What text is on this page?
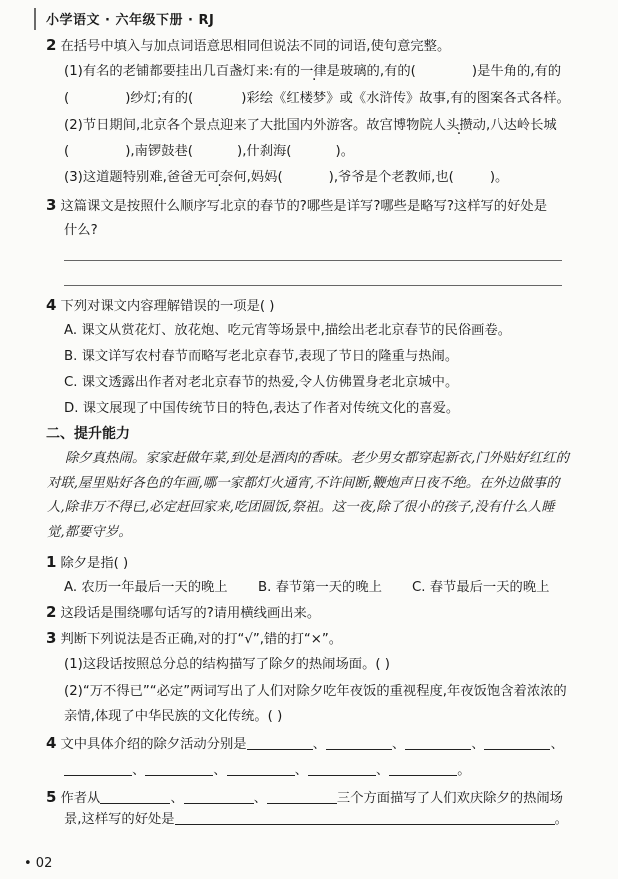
小学语文 · 六年级下册 · RJ
2 在括号中填入与加点词语意思相同但说法不同的词语,使句意完整。
(1)有名的老铺都要挂出几百盏灯来:有的一律 .是玻璃的,有的(	)是牛角的,有的
(	)纱灯;有的(	)彩绘《红楼梦》或《水浒传》故事,有的图案各式各样。
(2)节日期间,北京各个景点迎来了大批国内外游客。故宫博物院人头攒动 .,八达岭长城
(	),南锣鼓巷(	),什刹海(	)。
(3)这道题特别难,爸爸无可奈何 .,妈妈(	),爷爷是个老教师,也(	)。
3 这篇课文是按照什么顺序写北京的春节的?哪些是详写?哪些是略写?这样写的好处是
什么?
4 下列对课文内容理解错误的一项是( )
A. 课文从赏花灯、放花炮、吃元宵等场景中,描绘出老北京春节的民俗画卷。
B. 课文详写农村春节而略写老北京春节,表现了节日的隆重与热闹。
C. 课文透露出作者对老北京春节的热爱,令人仿佛置身老北京城中。
D. 课文展现了中国传统节日的特色,表达了作者对传统文化的喜爱。
二、提升能力
除夕真热闹。家家赶做年菜,到处是酒肉的香味。老少男女都穿起新衣,门外贴好红红的
对联,屋里贴好各色的年画,哪一家都灯火通宵,不许间断,鞭炮声日夜不绝。在外边做事的
人,除非万不得已,必定赶回家来,吃团圆饭,祭祖。这一夜,除了很小的孩子,没有什么人睡
觉,都要守岁。
1 除夕是指( )
A. 农历一年最后一天的晚上 B. 春节第一天的晚上 C. 春节最后一天的晚上
2 这段话是围绕哪句话写的?请用横线画出来。
3 判断下列说法是否正确,对的打“√”,错的打“×”。
(1)这段话按照总分总的结构描写了除夕的热闹场面。( )
(2)“万不得已”“必定”两词写出了人们对除夕吃年夜饭的重视程度,年夜饭饱含着浓浓的
亲情,体现了中华民族的文化传统。( )
4 文中具体介绍的除夕活动分别是	、	、	、	、
、	、	、	、	。
5 作者从	、	、	三个方面描写了人们欢庆除夕的热闹场
景,这样写的好处是	。
• 02
